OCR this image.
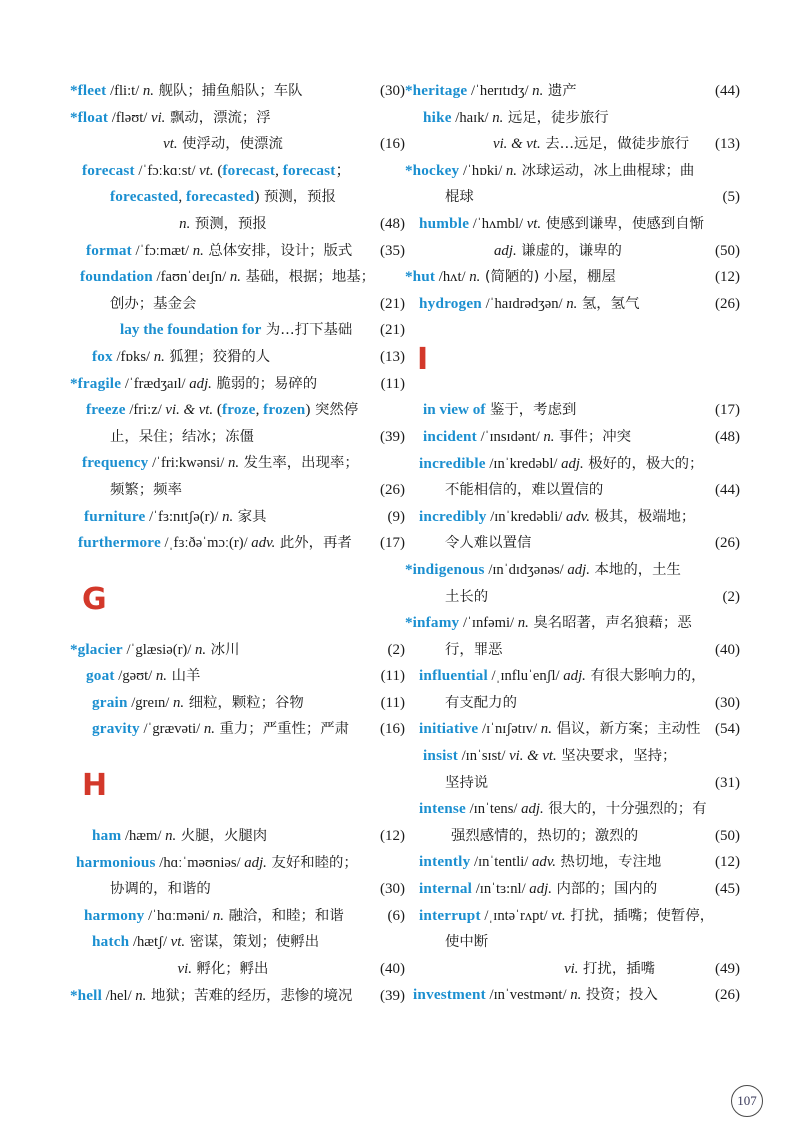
*fleet /fli:t/ n. 舰队；捕鱼船队；车队	(30)
*float /fləʊt/ vi. 飘动，漂流；浮
vt. 使浮动，使漂流	(16)
forecast /ˈfɔːkɑːst/ vt. (forecast, forecast；
forecasted, forecasted) 预测，预报
n. 预测，预报	(48)
format /ˈfɔːmæt/ n. 总体安排，设计；版式	(35)
foundation /faʊnˈdeɪʃn/ n. 基础，根据；地基；
创办；基金会	(21)
lay the foundation for 为…打下基础	(21)
fox /fɒks/ n. 狐狸；狡猾的人	(13)
*fragile /ˈfrædʒaɪl/ adj. 脆弱的；易碎的	(11)
freeze /fri:z/ vi. & vt. (froze, frozen) 突然停
止，呆住；结冰；冻僵	(39)
frequency /ˈfri:kwənsi/ n. 发生率，出现率；
频繁；频率	(26)
furniture /ˈfɜ:nɪtʃə(r)/ n. 家具	(9)
furthermore /ˌfɜːðəˈmɔː(r)/ adv. 此外，再者	(17)
G
*glacier /ˈglæsiə(r)/ n. 冰川	(2)
goat /gəʊt/ n. 山羊	(11)
grain /greɪn/ n. 细粒，颗粒；谷物	(11)
gravity /ˈgrævəti/ n. 重力；严重性；严肃	(16)
H
ham /hæm/ n. 火腿，火腿肉	(12)
harmonious /hɑːˈməʊniəs/ adj. 友好和睦的；
协调的，和谐的	(30)
harmony /ˈhɑːməni/ n. 融洽，和睦；和谐	(6)
hatch /hætʃ/ vt. 密谋，策划；使孵出
vi. 孵化；孵出	(40)
*hell /hel/ n. 地狱；苦难的经历，悲惨的境况	(39)
*heritage /ˈherɪtɪdʒ/ n. 遗产	(44)
hike /haɪk/ n. 远足，徒步旅行
vi. & vt. 去…远足，做徒步旅行	(13)
*hockey /ˈhɒki/ n. 冰球运动，冰上曲棍球；曲
棍球	(5)
humble /ˈhʌmbl/ vt. 使感到谦卑，使感到自惭
adj. 谦虚的，谦卑的	(50)
*hut /hʌt/ n. (简陋的) 小屋，棚屋	(12)
hydrogen /ˈhaɪdrədʒən/ n. 氢，氢气	(26)
I
in view of 鉴于，考虑到	(17)
incident /ˈɪnsɪdənt/ n. 事件；冲突	(48)
incredible /ɪnˈkredəbl/ adj. 极好的，极大的；
不能相信的，难以置信的	(44)
incredibly /ɪnˈkredəbli/ adv. 极其，极端地；
令人难以置信	(26)
*indigenous /ɪnˈdɪdʒənəs/ adj. 本地的，土生
土长的	(2)
*infamy /ˈɪnfəmi/ n. 臭名昭著，声名狼藉；恶
行，罪恶	(40)
influential /ˌɪnfluˈenʃl/ adj. 有很大影响力的，
有支配力的	(30)
initiative /ɪˈnɪʃətɪv/ n. 倡议，新方案；主动性 (54)
insist /ɪnˈsɪst/ vi. & vt. 坚决要求，坚持；
坚持说	(31)
intense /ɪnˈtens/ adj. 很大的，十分强烈的；有
强烈感情的，热切的；激烈的	(50)
intently /ɪnˈtentli/ adv. 热切地，专注地	(12)
internal /ɪnˈtɜ:nl/ adj. 内部的；国内的	(45)
interrupt /ˌɪntəˈrʌpt/ vt. 打扰，插嘴；使暂停，
使中断
vi. 打扰，插嘴	(49)
investment /ɪnˈvestmənt/ n. 投资；投入	(26)
107
